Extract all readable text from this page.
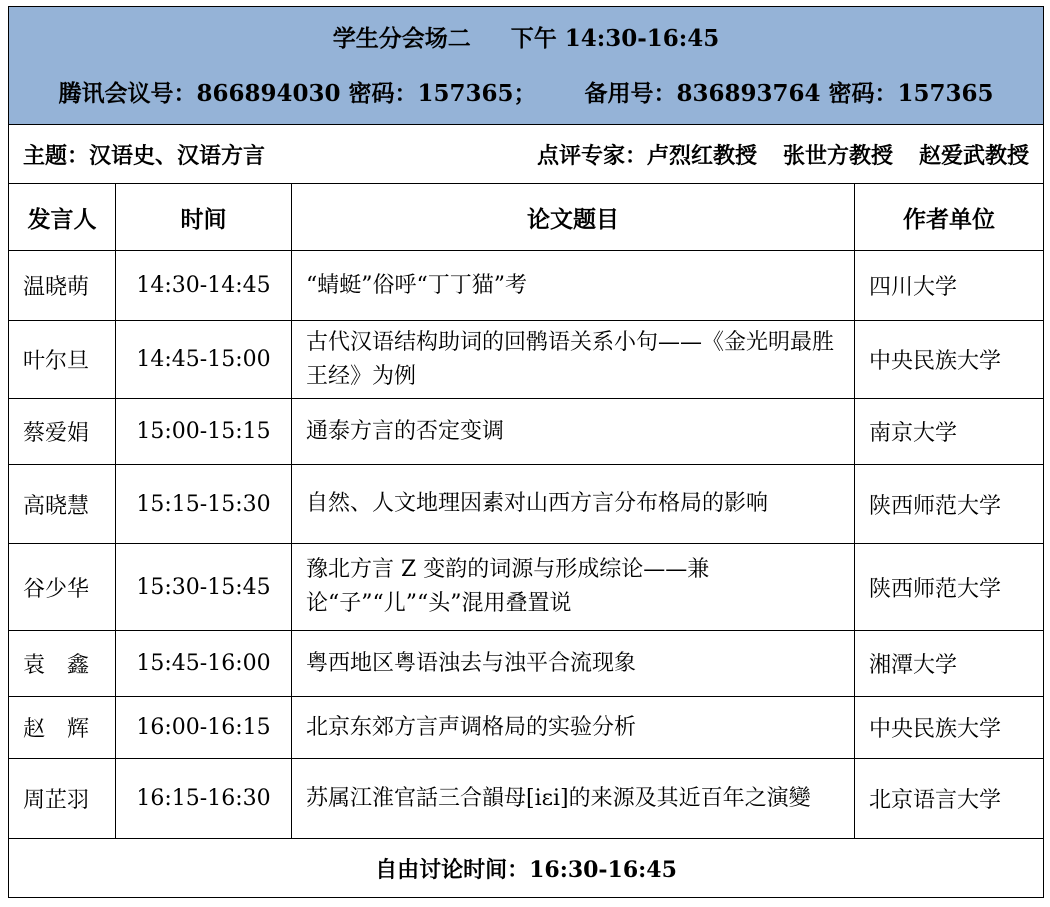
学生分会场二 下午 14:30-16:45
腾讯会议号：866894030 密码：157365； 备用号：836893764 密码：157365			

主题：汉语史、汉语方言 点评专家：卢烈红教授 张世方教授 赵爱武教授			

发言人	时间	论文题目	作者单位
温晓萌	14:30-14:45	“蜻蜓”俗呼“丁丁猫”考	四川大学
叶尔旦	14:45-15:00	古代汉语结构助词的回鹘语关系小句——《金光明最胜王经》为例	中央民族大学
蔡爱娟	15:00-15:15	通泰方言的否定变调	南京大学
高晓慧	15:15-15:30	自然、人文地理因素对山西方言分布格局的影响	陕西师范大学
谷少华	15:30-15:45	豫北方言 Z 变韵的词源与形成综论——兼论“子”“儿”“头”混用叠置说	陕西师范大学
袁　鑫	15:45-16:00	粤西地区粤语浊去与浊平合流现象	湘潭大学
赵　辉	16:00-16:15	北京东郊方言声调格局的实验分析	中央民族大学
周芷羽	16:15-16:30	苏属江淮官話三合韻母[iɛi]的来源及其近百年之演變	北京语言大学
自由讨论时间：16:30-16:45			
